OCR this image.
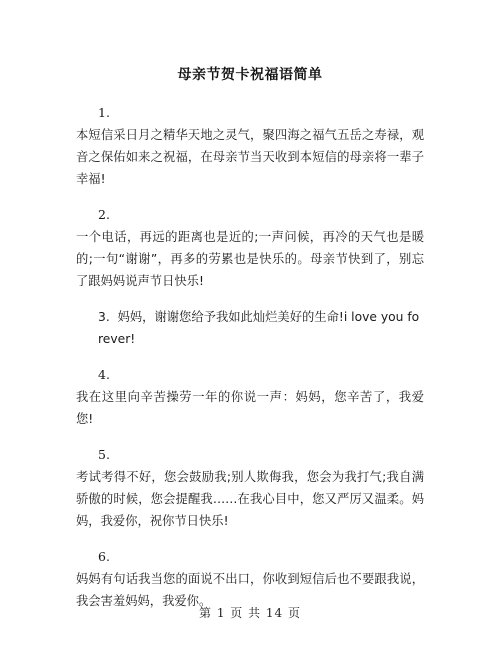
母亲节贺卡祝福语简单
1.
本短信采日月之精华天地之灵气，聚四海之福气五岳之寿禄，观音之保佑如来之祝福，在母亲节当天收到本短信的母亲将一辈子幸福!
2.
一个电话，再远的距离也是近的;一声问候，再冷的天气也是暖的;一句“谢谢”，再多的劳累也是快乐的。母亲节快到了，别忘了跟妈妈说声节日快乐!
3. 妈妈，谢谢您给予我如此灿烂美好的生命!i love you forever!
4.
我在这里向辛苦操劳一年的你说一声：妈妈，您辛苦了，我爱您!
5.
考试考得不好，您会鼓励我;别人欺侮我，您会为我打气;我自满骄傲的时候，您会提醒我……在我心目中，您又严厉又温柔。妈妈，我爱你，祝你节日快乐!
6.
妈妈有句话我当您的面说不出口，你收到短信后也不要跟我说，我会害羞妈妈，我爱你。
第 1 页 共 14 页
